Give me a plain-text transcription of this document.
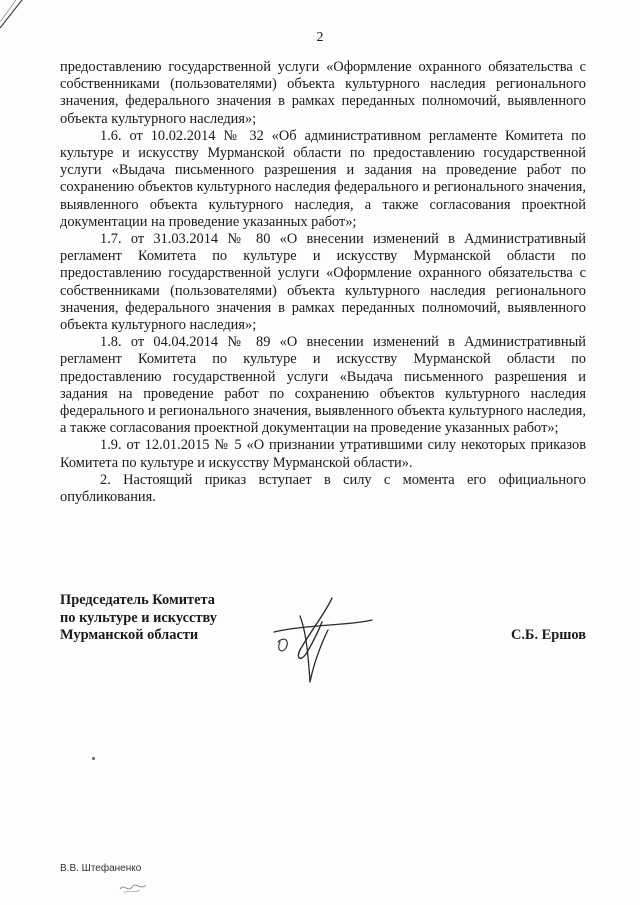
2

предоставлению государственной услуги «Оформление охранного обязательства с собственниками (пользователями) объекта культурного наследия регионального значения, федерального значения в рамках переданных полномочий, выявленного объекта культурного наследия»;

1.6. от 10.02.2014 № 32 «Об административном регламенте Комитета по культуре и искусству Мурманской области по предоставлению государственной услуги «Выдача письменного разрешения и задания на проведение работ по сохранению объектов культурного наследия федерального и регионального значения, выявленного объекта культурного наследия, а также согласования проектной документации на проведение указанных работ»;

1.7. от 31.03.2014 № 80 «О внесении изменений в Административный регламент Комитета по культуре и искусству Мурманской области по предоставлению государственной услуги «Оформление охранного обязательства с собственниками (пользователями) объекта культурного наследия регионального значения, федерального значения в рамках переданных полномочий, выявленного объекта культурного наследия»;

1.8. от 04.04.2014 № 89 «О внесении изменений в Административный регламент Комитета по культуре и искусству Мурманской области по предоставлению государственной услуги «Выдача письменного разрешения и задания на проведение работ по сохранению объектов культурного наследия федерального и регионального значения, выявленного объекта культурного наследия, а также согласования проектной документации на проведение указанных работ»;

1.9. от 12.01.2015 № 5 «О признании утратившими силу некоторых приказов Комитета по культуре и искусству Мурманской области».

2. Настоящий приказ вступает в силу с момента его официального опубликования.

Председатель Комитета
по культуре и искусству
Мурманской области	С.Б. Ершов
В.В. Штефаненко
